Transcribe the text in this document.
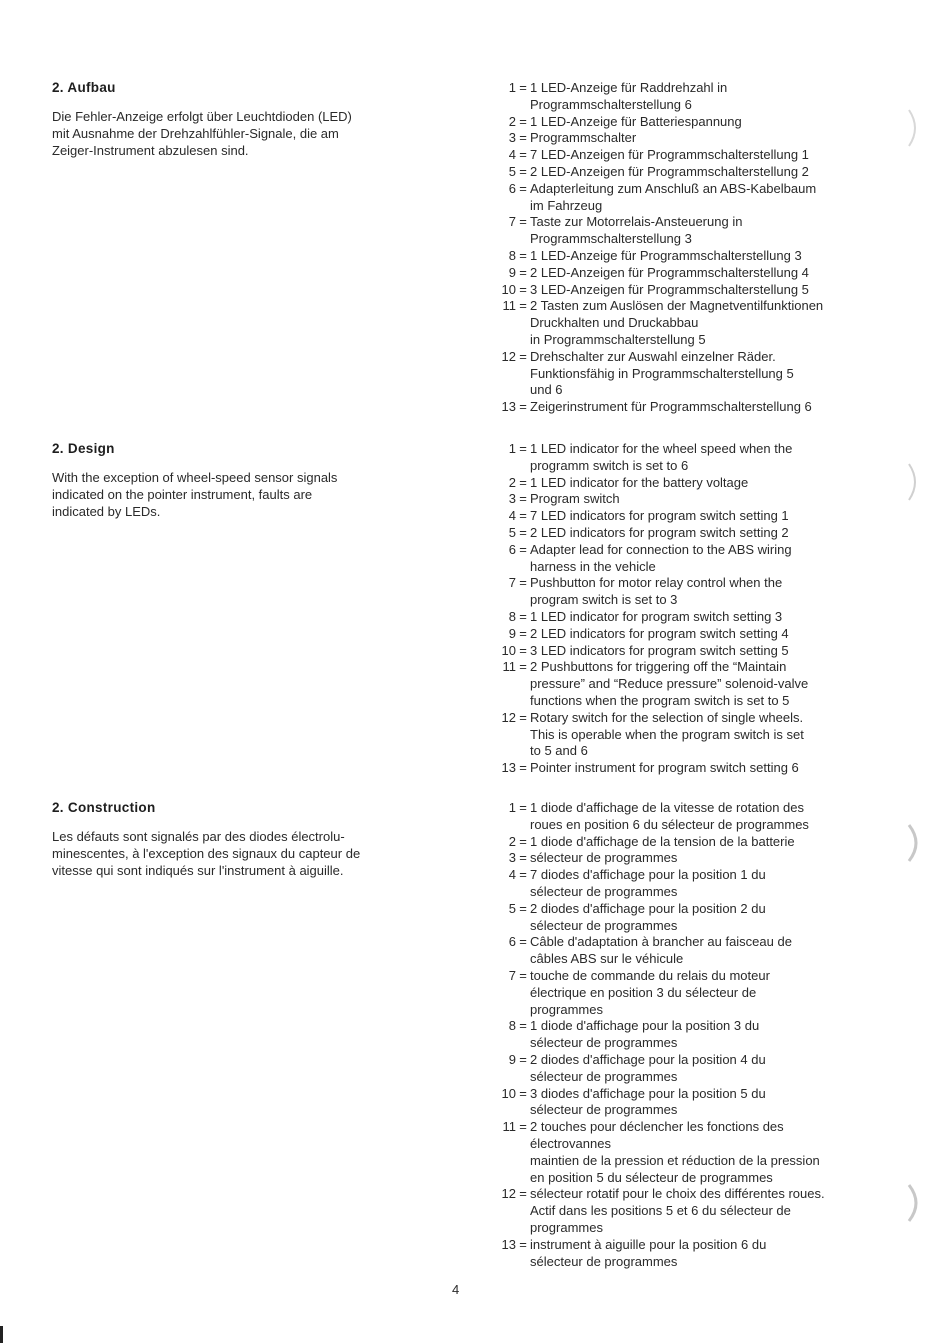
2. Aufbau

Die Fehler-Anzeige erfolgt über Leuchtdioden (LED)
mit Ausnahme der Drehzahlfühler-Signale, die am
Zeiger-Instrument abzulesen sind.

1 = 1 LED-Anzeige für Raddrehzahl in
Programmschalterstellung 6
2 = 1 LED-Anzeige für Batteriespannung
3 = Programmschalter
4 = 7 LED-Anzeigen für Programmschalterstellung 1
5 = 2 LED-Anzeigen für Programmschalterstellung 2
6 = Adapterleitung zum Anschluß an ABS-Kabelbaum
im Fahrzeug
7 = Taste zur Motorrelais-Ansteuerung in
Programmschalterstellung 3
8 = 1 LED-Anzeige für Programmschalterstellung 3
9 = 2 LED-Anzeigen für Programmschalterstellung 4
10 = 3 LED-Anzeigen für Programmschalterstellung 5
11 = 2 Tasten zum Auslösen der Magnetventilfunktionen
Druckhalten und Druckabbau
in Programmschalterstellung 5
12 = Drehschalter zur Auswahl einzelner Räder.
Funktionsfähig in Programmschalterstellung 5
und 6
13 = Zeigerinstrument für Programmschalterstellung 6
2. Design

With the exception of wheel-speed sensor signals
indicated on the pointer instrument, faults are
indicated by LEDs.

1 = 1 LED indicator for the wheel speed when the
programm switch is set to 6
2 = 1 LED indicator for the battery voltage
3 = Program switch
4 = 7 LED indicators for program switch setting 1
5 = 2 LED indicators for program switch setting 2
6 = Adapter lead for connection to the ABS wiring
harness in the vehicle
7 = Pushbutton for motor relay control when the
program switch is set to 3
8 = 1 LED indicator for program switch setting 3
9 = 2 LED indicators for program switch setting 4
10 = 3 LED indicators for program switch setting 5
11 = 2 Pushbuttons for triggering off the “Maintain
pressure” and “Reduce pressure” solenoid-valve
functions when the program switch is set to 5
12 = Rotary switch for the selection of single wheels.
This is operable when the program switch is set
to 5 and 6
13 = Pointer instrument for program switch setting 6
2. Construction

Les défauts sont signalés par des diodes électrolu-
minescentes, à l'exception des signaux du capteur de
vitesse qui sont indiqués sur l'instrument à aiguille.

1 = 1 diode d'affichage de la vitesse de rotation des
roues en position 6 du sélecteur de programmes
2 = 1 diode d'affichage de la tension de la batterie
3 = sélecteur de programmes
4 = 7 diodes d'affichage pour la position 1 du
sélecteur de programmes
5 = 2 diodes d'affichage pour la position 2 du
sélecteur de programmes
6 = Câble d'adaptation à brancher au faisceau de
câbles ABS sur le véhicule
7 = touche de commande du relais du moteur
électrique en position 3 du sélecteur de
programmes
8 = 1 diode d'affichage pour la position 3 du
sélecteur de programmes
9 = 2 diodes d'affichage pour la position 4 du
sélecteur de programmes
10 = 3 diodes d'affichage pour la position 5 du
sélecteur de programmes
11 = 2 touches pour déclencher les fonctions des
électrovannes
maintien de la pression et réduction de la pression
en position 5 du sélecteur de programmes
12 = sélecteur rotatif pour le choix des différentes roues.
Actif dans les positions 5 et 6 du sélecteur de
programmes
13 = instrument à aiguille pour la position 6 du
sélecteur de programmes
4
